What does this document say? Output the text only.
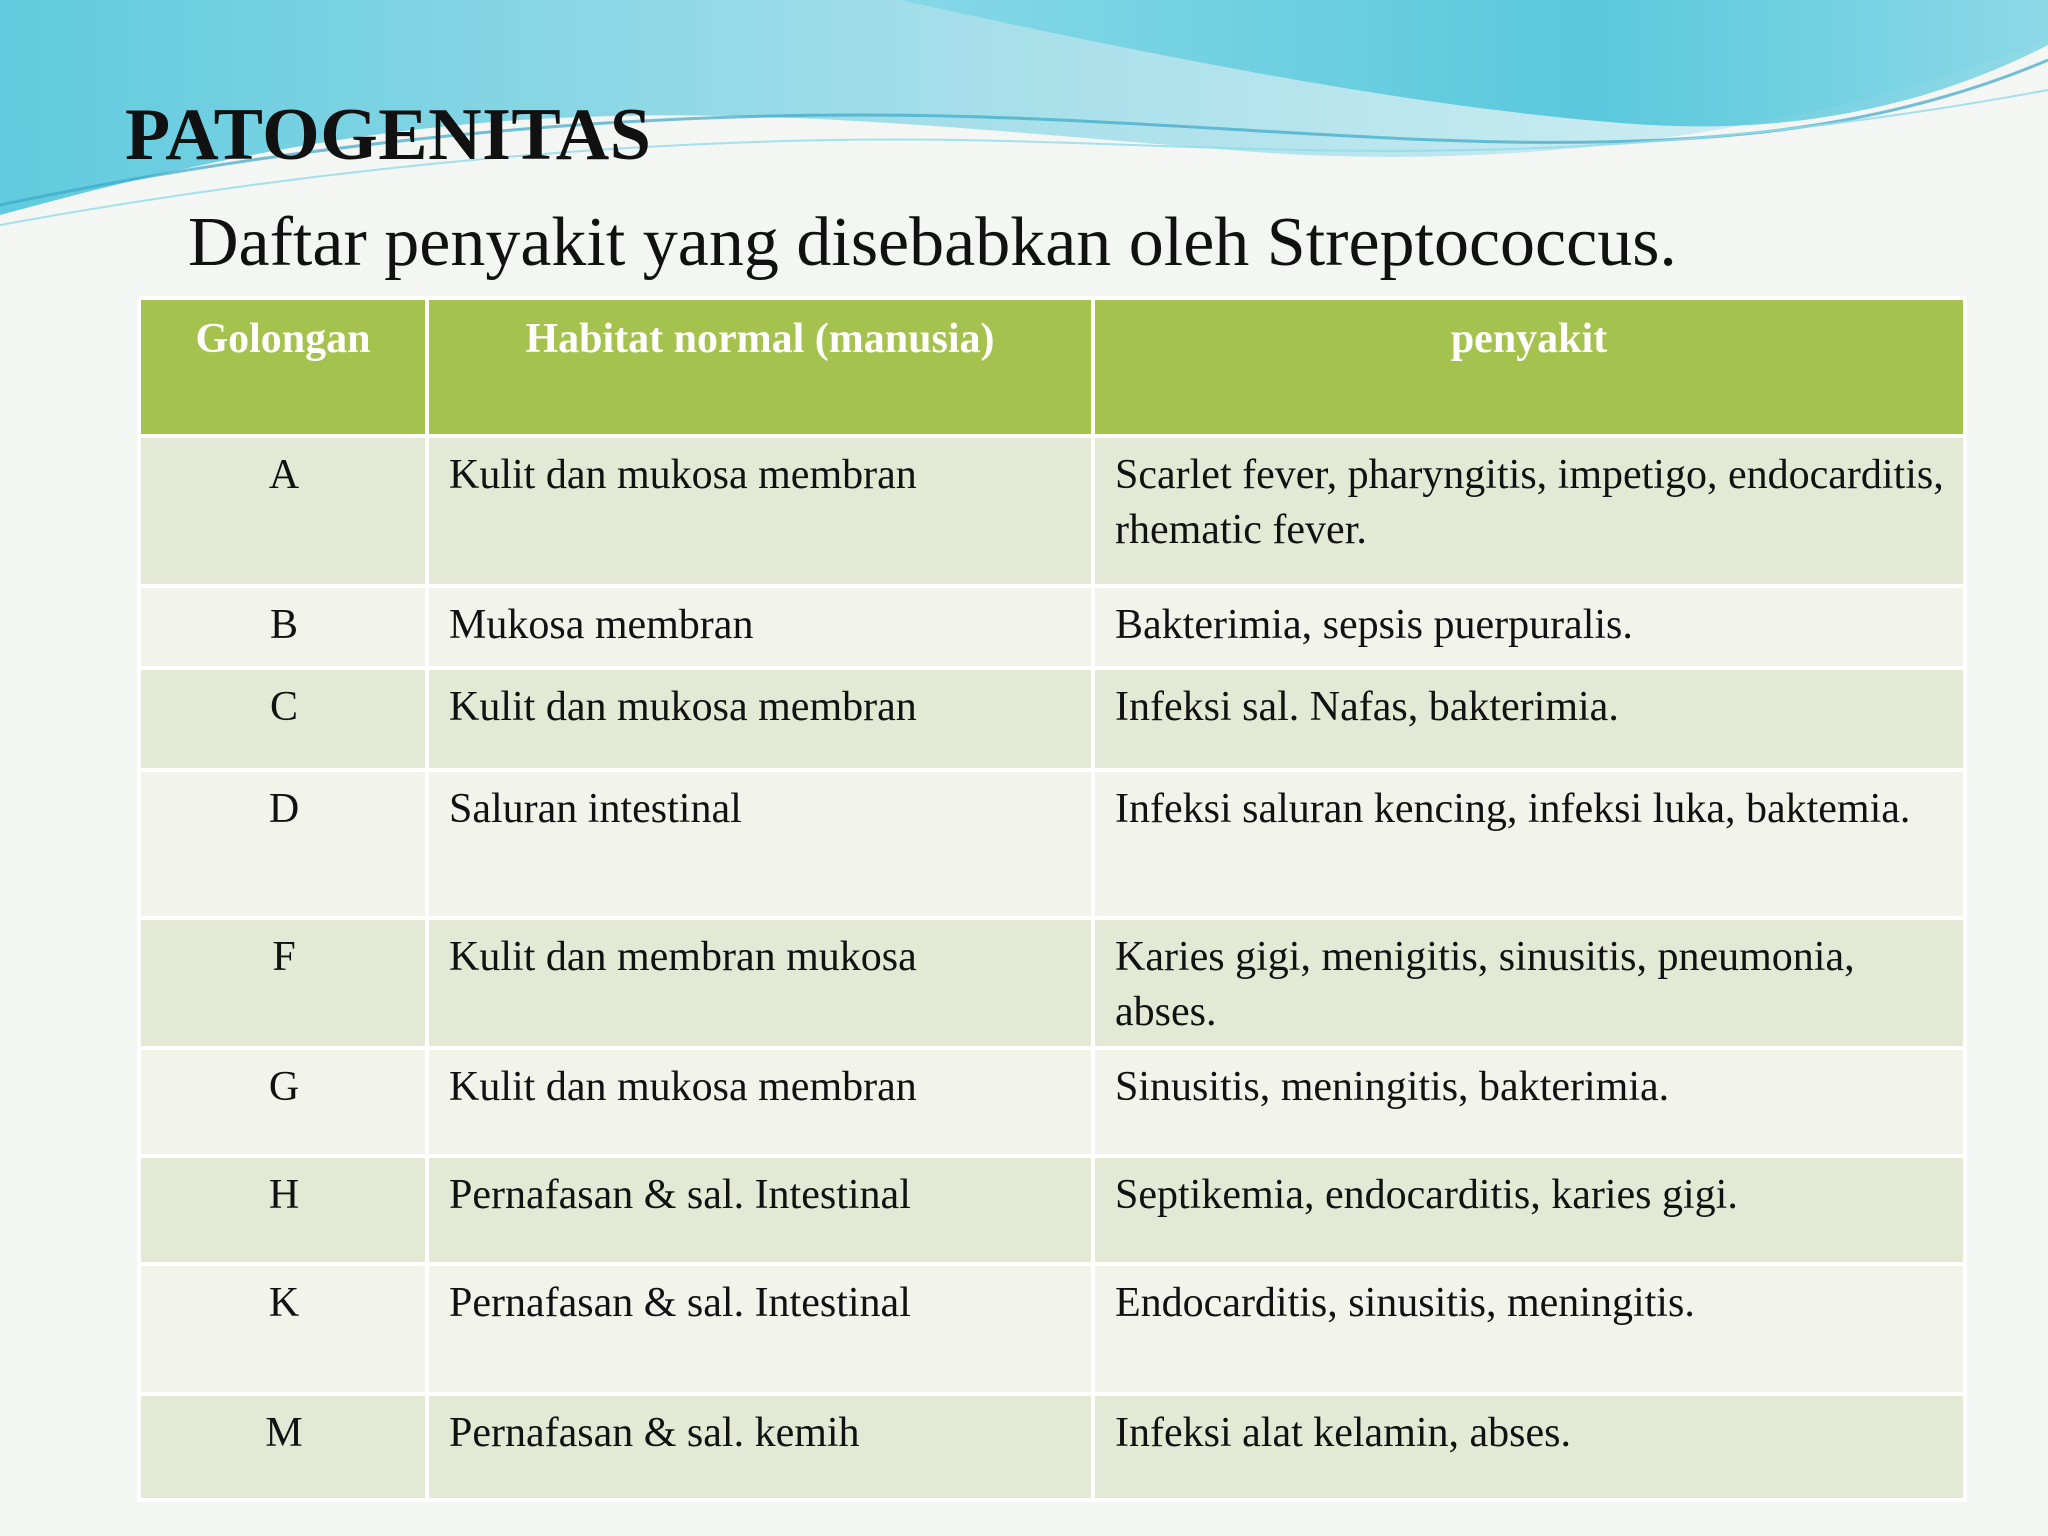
PATOGENITAS
Daftar penyakit yang disebabkan oleh Streptococcus.
Golongan	Habitat normal (manusia)	penyakit
A	Kulit dan mukosa membran	Scarlet fever, pharyngitis, impetigo, endocarditis, rhematic fever.
B	Mukosa membran	Bakterimia, sepsis puerpuralis.
C	Kulit dan mukosa membran	Infeksi sal. Nafas, bakterimia.
D	Saluran intestinal	Infeksi saluran kencing, infeksi luka, baktemia.
F	Kulit dan membran mukosa	Karies gigi, menigitis, sinusitis, pneumonia, abses.
G	Kulit dan mukosa membran	Sinusitis, meningitis, bakterimia.
H	Pernafasan & sal. Intestinal	Septikemia, endocarditis, karies gigi.
K	Pernafasan & sal. Intestinal	Endocarditis, sinusitis, meningitis.
M	Pernafasan & sal. kemih	Infeksi alat kelamin, abses.
